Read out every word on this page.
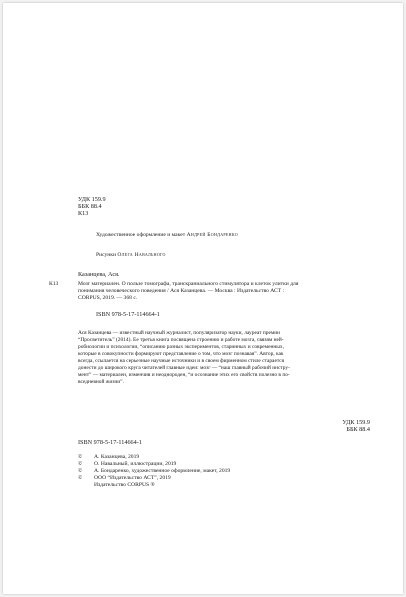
УДК 159.9
ББК 88.4
К13
Художественное оформление и макет Андрей Бондаренко
Рисунки Олега Навального
Казанцева, Ася.
К13	Мозг материален. О пользе томографа, транскраниального стимулятора и клеток улитки для
понимания человеческого поведения / Ася Казанцева. — Москва : Издательство АСТ :
CORPUS, 2019. — 368 с.
ISBN 978-5-17-114664-1
Ася Казанцева — известный научный журналист, популяризатор науки, лауреат премии
“Просветитель” (2014). Ее третья книга посвящена строению и работе мозга, связям ней-
робиологии и психологии, “описанию разных экспериментов, старинных и современных,
которые в совокупности формируют представление о том, что мозг познавая”. Автор, как
всегда, ссылается на серьезные научные источники и в своем фирменном стиле старается
донести до широкого круга читателей главные идеи: мозг — “наш главный рабочий инстру-
мент” — материален, изменчив и неоднороден, “и осознание этих его свойств полезно в по-
вседневной жизни”.
УДК 159.9
ББК 88.4
ISBN 978-5-17-114664-1
© А. Казанцева, 2019
© О. Навальный, иллюстрации, 2019
© А. Бондаренко, художественное оформление, макет, 2019
© ООО “Издательство АСТ”, 2019
Издательство CORPUS ®
